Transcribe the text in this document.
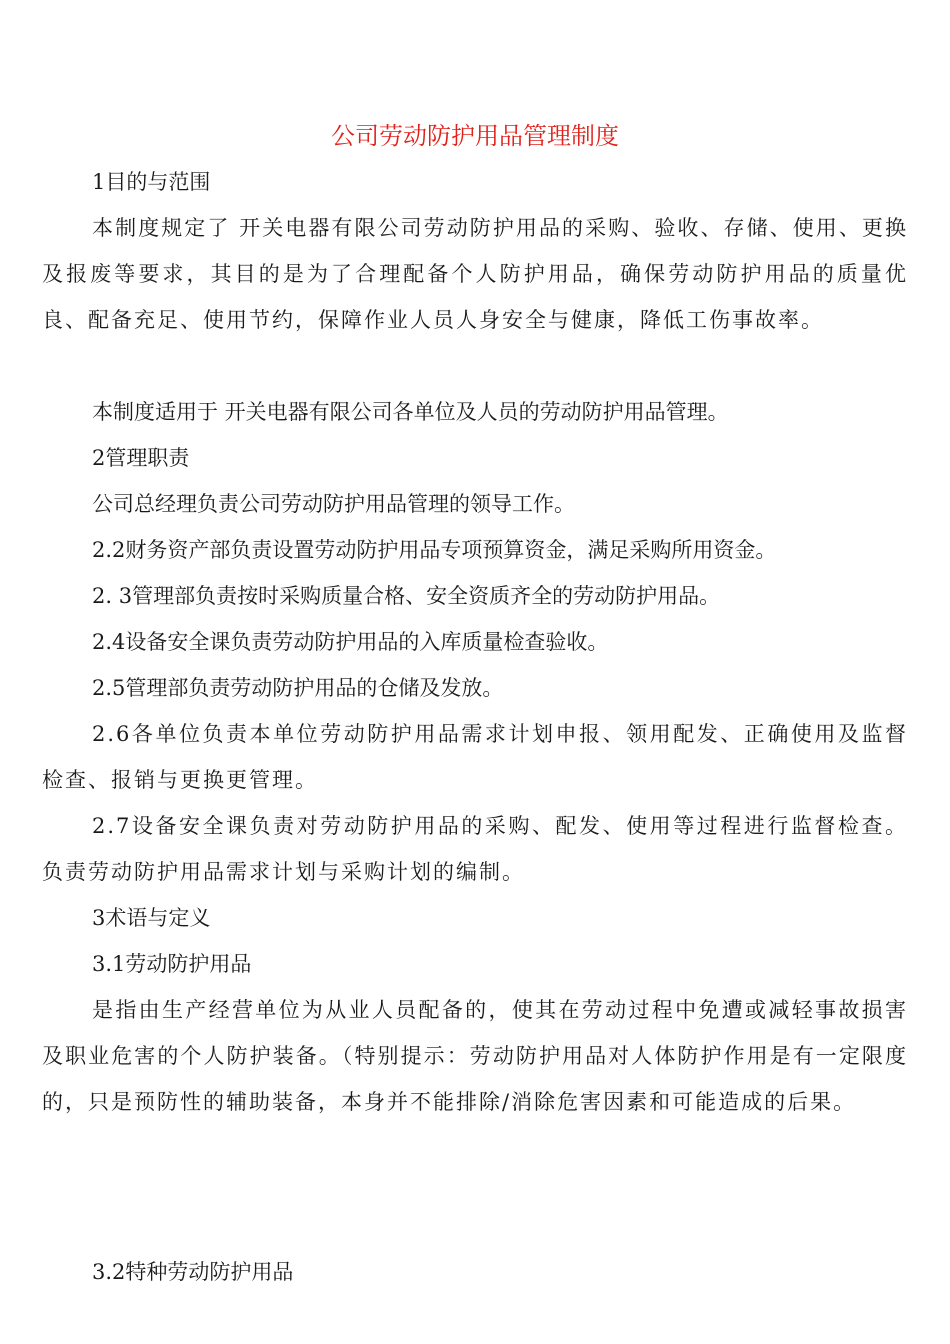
公司劳动防护用品管理制度
1目的与范围
本制度规定了 开关电器有限公司劳动防护用品的采购、验收、存储、使用、更换及报废等要求，其目的是为了合理配备个人防护用品，确保劳动防护用品的质量优良、配备充足、使用节约，保障作业人员人身安全与健康，降低工伤事故率。
本制度适用于 开关电器有限公司各单位及人员的劳动防护用品管理。
2管理职责
公司总经理负责公司劳动防护用品管理的领导工作。
2.2财务资产部负责设置劳动防护用品专项预算资金，满足采购所用资金。
2. 3管理部负责按时采购质量合格、安全资质齐全的劳动防护用品。
2.4设备安全课负责劳动防护用品的入库质量检查验收。
2.5管理部负责劳动防护用品的仓储及发放。
2.6各单位负责本单位劳动防护用品需求计划申报、领用配发、正确使用及监督检查、报销与更换更管理。
2.7设备安全课负责对劳动防护用品的采购、配发、使用等过程进行监督检查。负责劳动防护用品需求计划与采购计划的编制。
3术语与定义
3.1劳动防护用品
是指由生产经营单位为从业人员配备的，使其在劳动过程中免遭或减轻事故损害及职业危害的个人防护装备。（特别提示：劳动防护用品对人体防护作用是有一定限度的，只是预防性的辅助装备，本身并不能排除/消除危害因素和可能造成的后果。
3.2特种劳动防护用品
